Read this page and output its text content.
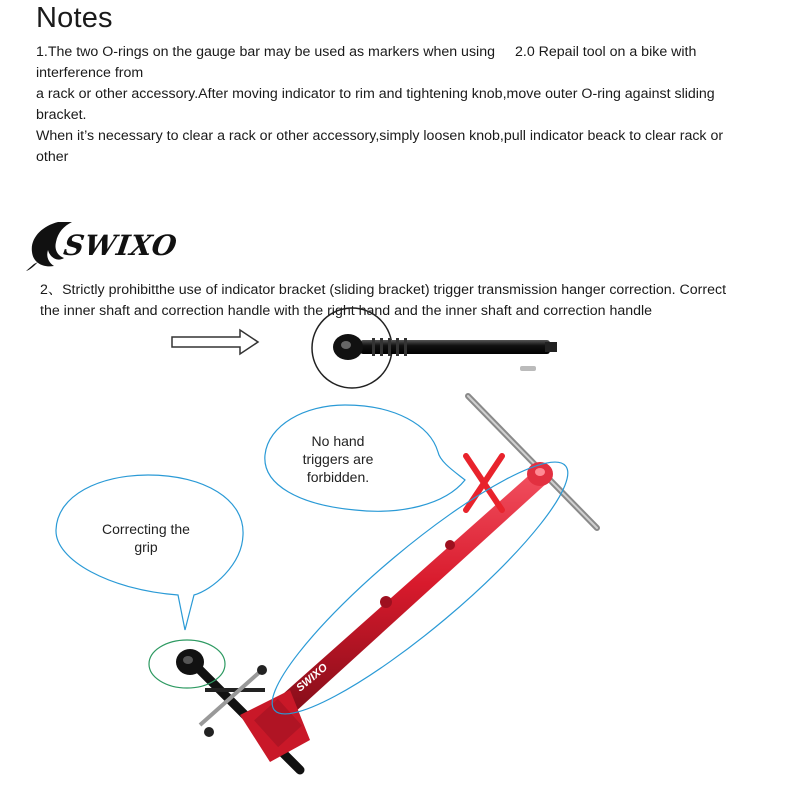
Notes
1.The two O-rings on the gauge bar may be used as markers when using 2.0 Repail tool on a bike with
interference from
a rack or other accessory.After moving indicator to rim and tightening knob,move outer O-ring against sliding
bracket.
When it’s necessary to clear a rack or other accessory,simply loosen knob,pull indicator beack to clear rack or
other
SWIXO
2、Strictly prohibitthe use of indicator bracket (sliding bracket) trigger transmission hanger correction. Correct
the inner shaft and correction handle with the right hand and the inner shaft and correction handle
SWIXO
No hand
triggers are
forbidden.
Correcting the
grip
